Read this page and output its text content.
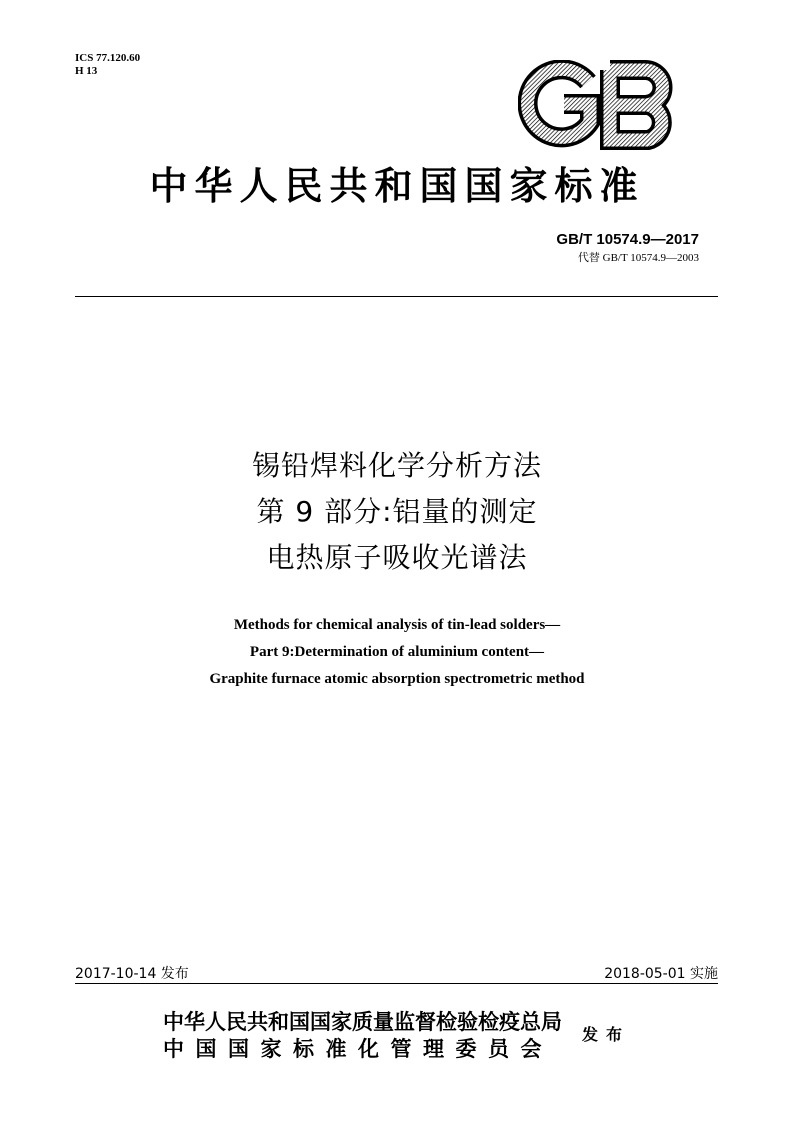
ICS 77.120.60
H 13
中华人民共和国国家标准
GB/T 10574.9—2017
代替 GB/T 10574.9—2003
锡铅焊料化学分析方法
第 9 部分:铝量的测定
电热原子吸收光谱法
Methods for chemical analysis of tin-lead solders—
Part 9:Determination of aluminium content—
Graphite furnace atomic absorption spectrometric method
2017-10-14 发布	2018-05-01 实施
中华人民共和国国家质量监督检验检疫总局
中国国家标准化管理委员会
发布
